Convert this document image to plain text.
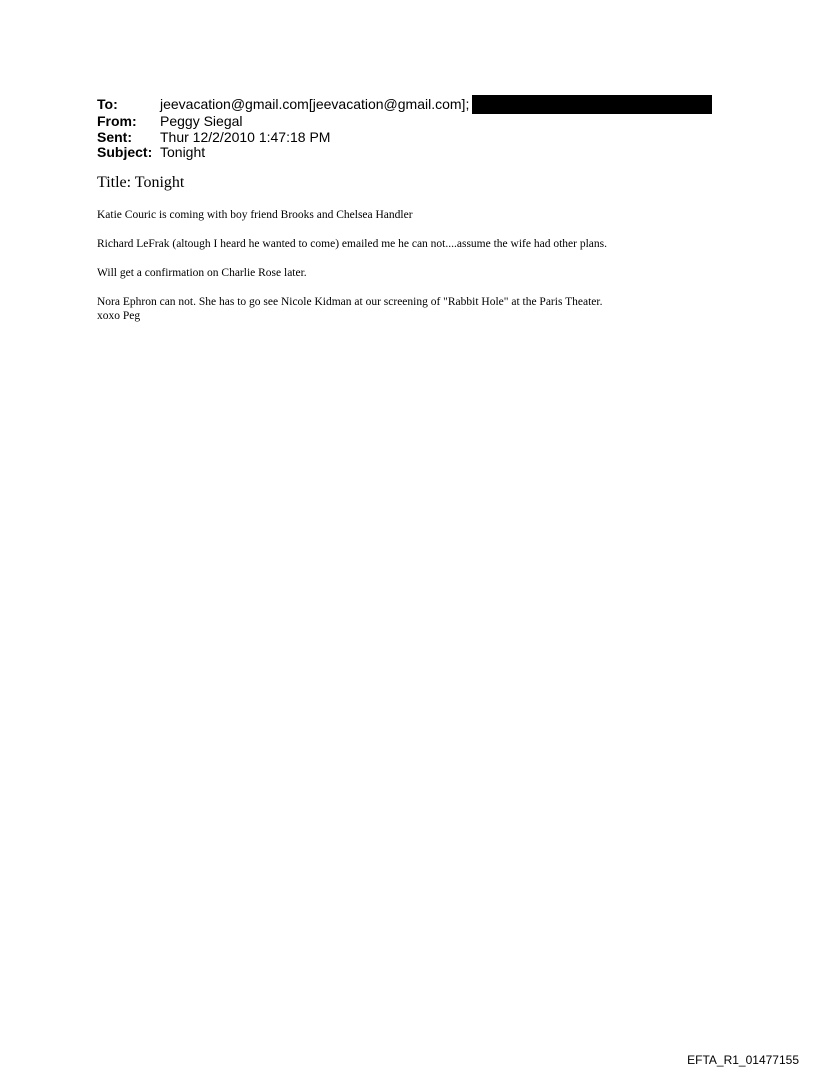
To:	jeevacation@gmail.com[jeevacation@gmail.com];
From:	Peggy Siegal
Sent:	Thur 12/2/2010 1:47:18 PM
Subject: Tonight
Title: Tonight
Katie Couric is coming with boy friend Brooks and Chelsea Handler
Richard LeFrak (altough I heard he wanted to come) emailed me he can not....assume the wife had other plans.
Will get a confirmation on Charlie Rose later.
Nora Ephron can not. She has to go see Nicole Kidman at our screening of "Rabbit Hole" at the Paris Theater.
xoxo Peg
EFTA_R1_01477155
